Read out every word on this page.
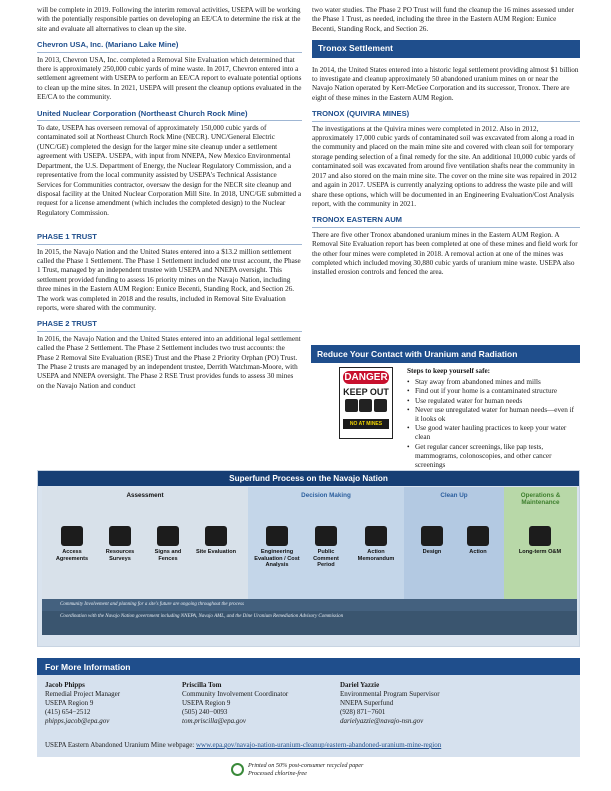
will be complete in 2019. Following the interim removal activities, USEPA will be working with the potentially responsible parties on developing an EE/CA to determine the risk at the site and evaluate all alternatives to clean up the site.

Chevron USA, Inc. (Mariano Lake Mine)

In 2013, Chevron USA, Inc. completed a Removal Site Evaluation which determined that there is approximately 250,000 cubic yards of mine waste. In 2017, Chevron entered into a settlement agreement with USEPA to perform an EE/CA report to evaluate potential options to clean up the mine sites. In 2021, USEPA will present the cleanup options evaluated in the EE/CA to the community.

United Nuclear Corporation (Northeast Church Rock Mine)

To date, USEPA has overseen removal of approximately 150,000 cubic yards of contaminated soil at Northeast Church Rock Mine (NECR). UNC/General Electric (UNC/GE) completed the design for the larger mine site cleanup under a settlement agreement with USEPA. USEPA, with input from NNEPA, New Mexico Environmental Department, the U.S. Department of Energy, the Nuclear Regulatory Commission, and a representative from the local community assisted by USEPA's Technical Assistance Services for Communities contractor, oversaw the design for the NECR site cleanup and disposal facility at the United Nuclear Corporation Mill Site. In 2018, UNC/GE submitted a request for a license amendment (which includes the completed design) to the Nuclear Regulatory Commission.

PHASE 1 TRUST

In 2015, the Navajo Nation and the United States entered into a $13.2 million settlement called the Phase 1 Settlement. The Phase 1 Settlement included one trust account, the Phase 1 Trust, managed by an independent trustee with USEPA and NNEPA oversight. This settlement provided funding to assess 16 priority mines on the Navajo Nation, including three mines in the Eastern AUM Region: Eunice Becenti, Standing Rock, and Section 26. The work was completed in 2018 and the results, included in Removal Site Evaluation reports, were shared with the community.

PHASE 2 TRUST

In 2016, the Navajo Nation and the United States entered into an additional legal settlement called the Phase 2 Settlement. The Phase 2 Settlement includes two trust accounts: the Phase 2 Removal Site Evaluation (RSE) Trust and the Phase 2 Priority Orphan (PO) Trust. The Phase 2 trusts are managed by an independent trustee, Derrith Watchman-Moore, with USEPA and NNEPA oversight. The Phase 2 RSE Trust provides funds to assess 30 mines on the Navajo Nation and conduct

two water studies. The Phase 2 PO Trust will fund the cleanup the 16 mines assessed under the Phase 1 Trust, as needed, including the three in the Eastern AUM Region: Eunice Becenti, Standing Rock, and Section 26.

Tronox Settlement

In 2014, the United States entered into a historic legal settlement providing almost $1 billion to investigate and cleanup approximately 50 abandoned uranium mines on or near the Navajo Nation operated by Kerr-McGee Corporation and its successor, Tronox. There are eight of these mines in the Eastern AUM Region.

TRONOX (QUIVIRA MINES)

The investigations at the Quivira mines were completed in 2012. Also in 2012, approximately 17,000 cubic yards of contaminated soil was excavated from along a road in the community and placed on the main mine site and covered with clean soil for temporary storage pending selection of a final remedy for the site. An additional 10,000 cubic yards of contaminated soil was excavated from around five ventilation shafts near the community in 2017 and also stored on the main mine site. The cover on the mine site was repaired in 2012 and again in 2017. USEPA is currently analyzing options to address the waste pile and will share these options, which will be documented in an Engineering Evaluation/Cost Analysis report, with the community in 2021.

TRONOX EASTERN AUM

There are five other Tronox abandoned uranium mines in the Eastern AUM Region. A Removal Site Evaluation report has been completed at one of these mines and field work for the other four mines were completed in 2018. A removal action at one of the mines was completed which included moving 30,880 cubic yards of uranium mine waste. USEPA also installed erosion controls and fenced the area.

Reduce Your Contact with Uranium and Radiation
DANGER
KEEP OUT
NO AT MINES
Steps to keep yourself safe:
• Stay away from abandoned mines and mills
• Find out if your home is a contaminated structure
• Use regulated water for human needs
• Never use unregulated water for human needs—even if it looks ok
• Use good water hauling practices to keep your water clean
• Get regular cancer screenings, like pap tests, mammograms, colonoscopies, and other cancer screenings
Superfund Process on the Navajo Nation
Assessment	Decision Making	Clean Up	Operations & Maintenance
Access Agreements
Resources Surveys
Signs and Fences
Site Evaluation	Engineering Evaluation / Cost Analysis
Public Comment Period
Action Memorandum
Design	Action	Long-term O&M
Community Involvement and planning for a site's future are ongoing throughout the process
Coordination with the Navajo Nation government including NNEPA, Navajo AML, and the Dine Uranium Remediation Advisory Commission
For More Information
Jacob Phipps
Remedial Project Manager
USEPA Region 9
(415) 654−2512
phipps.jacob@epa.gov
Priscilla Tom
Community Involvement Coordinator
USEPA Region 9
(505) 240−0093
tom.priscilla@epa.gov
Dariel Yazzie
Environmental Program Supervisor
NNEPA Superfund
(928) 871−7601
darielyazzie@navajo-nsn.gov
USEPA Eastern Abandoned Uranium Mine webpage: www.epa.gov/navajo-nation-uranium-cleanup/eastern-abandoned-uranium-mine-region
Printed on 50% post-consumer recycled paper
Processed chlorine-free
